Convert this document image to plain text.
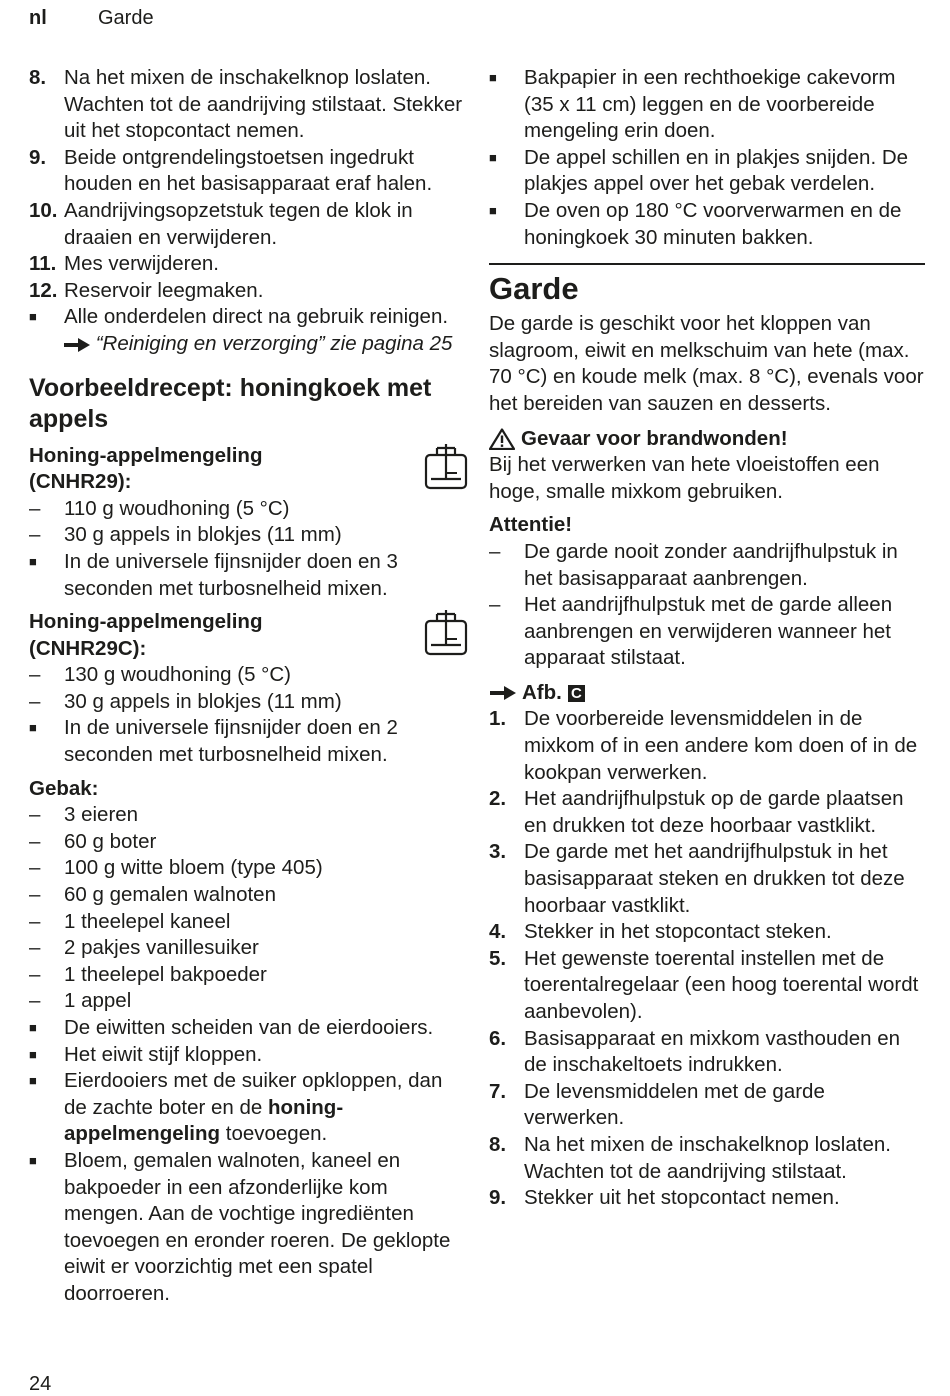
nl	Garde
8. Na het mixen de inschakelknop loslaten. Wachten tot de aandrijving stilstaat. Stekker uit het stopcontact nemen.
9. Beide ontgrendelingstoetsen ingedrukt houden en het basisapparaat eraf halen.
10. Aandrijvingsopzetstuk tegen de klok in draaien en verwijderen.
11. Mes verwijderen.
12. Reservoir leegmaken.
■	Alle onderdelen direct na gebruik reinigen.  “Reiniging en verzorging” zie pagina 25
Voorbeeldrecept: honingkoek met appels
Honing-appelmengeling (CNHR29):
–	110 g woudhoning (5 °C)
–	30 g appels in blokjes (11 mm)
■	In de universele fijnsnijder doen en 3 seconden met turbosnelheid mixen.
Honing-appelmengeling (CNHR29C):
–	130 g woudhoning (5 °C)
–	30 g appels in blokjes (11 mm)
■	In de universele fijnsnijder doen en 2 seconden met turbosnelheid mixen.
Gebak:
–	3 eieren
–	60 g boter
–	100 g witte bloem (type 405)
–	60 g gemalen walnoten
–	1 theelepel kaneel
–	2 pakjes vanillesuiker
–	1 theelepel bakpoeder
–	1 appel
■	De eiwitten scheiden van de eierdooiers.
■	Het eiwit stijf kloppen.
■	Eierdooiers met de suiker opkloppen, dan de zachte boter en de honing-appelmengeling toevoegen.
■	Bloem, gemalen walnoten, kaneel en bakpoeder in een afzonderlijke kom mengen. Aan de vochtige ingrediënten toevoegen en eronder roeren. De geklopte eiwit er voorzichtig met een spatel doorroeren.
■	Bakpapier in een rechthoekige cakevorm (35 x 11 cm) leggen en de voorbereide mengeling erin doen.
■	De appel schillen en in plakjes snijden. De plakjes appel over het gebak verdelen.
■	De oven op 180 °C voorverwarmen en de honingkoek 30 minuten bakken.
Garde
De garde is geschikt voor het kloppen van slagroom, eiwit en melkschuim van hete (max. 70 °C) en koude melk (max. 8 °C), evenals voor het bereiden van sauzen en desserts.
Gevaar voor brandwonden!
Bij het verwerken van hete vloeistoffen een hoge, smalle mixkom gebruiken.
Attentie!
–	De garde nooit zonder aandrijfhulpstuk in het basisapparaat aanbrengen.
–	Het aandrijfhulpstuk met de garde alleen aanbrengen en verwijderen wanneer het apparaat stilstaat.
Afb. C
1. De voorbereide levensmiddelen in de mixkom of in een andere kom doen of in de kookpan verwerken.
2. Het aandrijfhulpstuk op de garde plaatsen en drukken tot deze hoorbaar vastklikt.
3. De garde met het aandrijfhulpstuk in het basisapparaat steken en drukken tot deze hoorbaar vastklikt.
4. Stekker in het stopcontact steken.
5. Het gewenste toerental instellen met de toerentalregelaar (een hoog toerental wordt aanbevolen).
6. Basisapparaat en mixkom vasthouden en de inschakeltoets indrukken.
7. De levensmiddelen met de garde verwerken.
8. Na het mixen de inschakelknop loslaten. Wachten tot de aandrijving stilstaat.
9. Stekker uit het stopcontact nemen.
24
